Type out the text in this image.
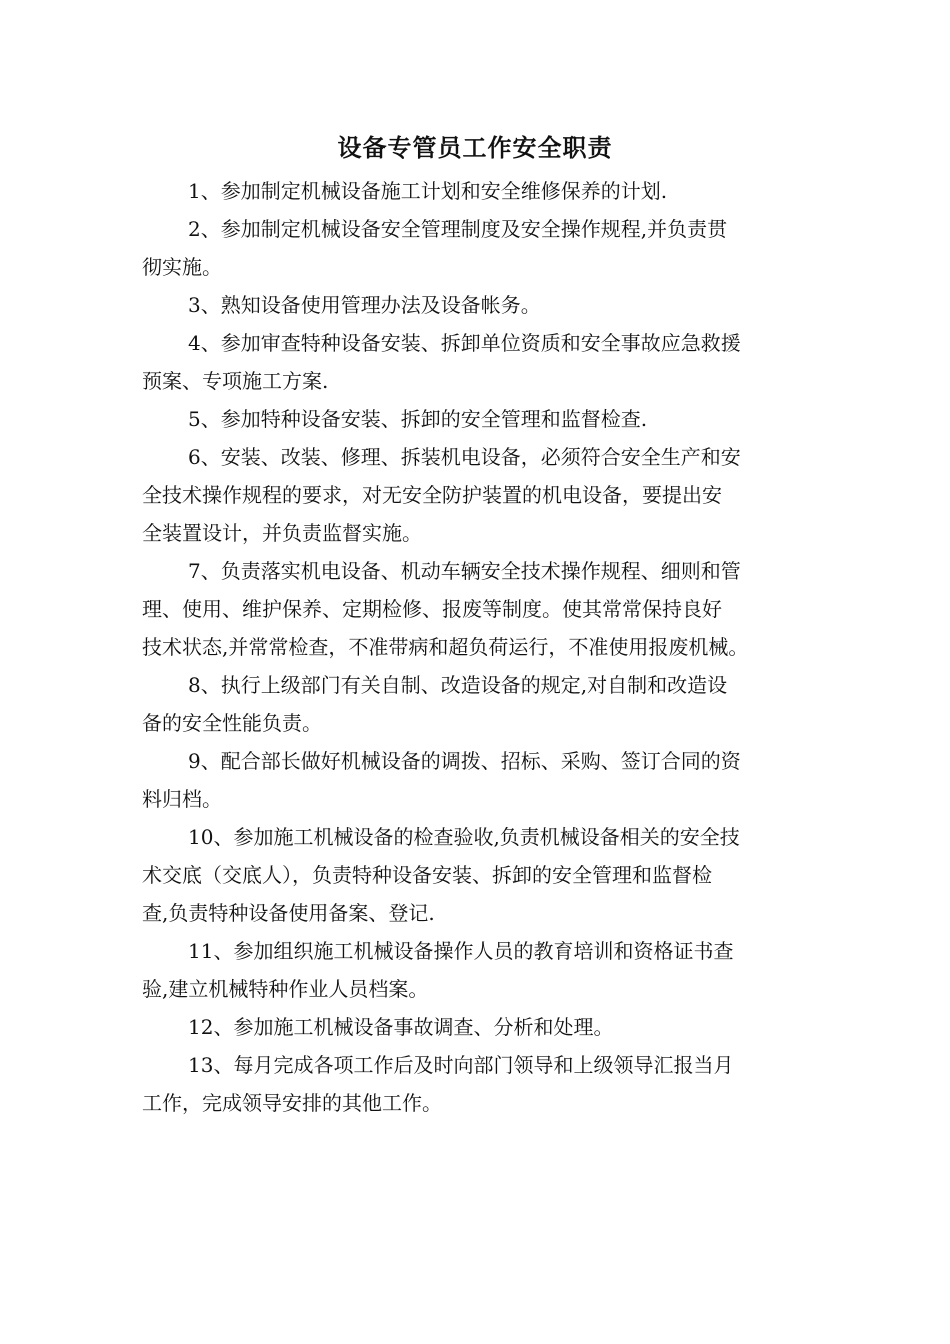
设备专管员工作安全职责

1、参加制定机械设备施工计划和安全维修保养的计划.

2、参加制定机械设备安全管理制度及安全操作规程,并负责贯
彻实施。

3、熟知设备使用管理办法及设备帐务。

4、参加审查特种设备安装、拆卸单位资质和安全事故应急救援
预案、专项施工方案.

5、参加特种设备安装、拆卸的安全管理和监督检查.

6、安装、改装、修理、拆装机电设备，必须符合安全生产和安
全技术操作规程的要求，对无安全防护装置的机电设备，要提出安
全装置设计，并负责监督实施。

7、负责落实机电设备、机动车辆安全技术操作规程、细则和管
理、使用、维护保养、定期检修、报废等制度。使其常常保持良好
技术状态,并常常检查，不准带病和超负荷运行，不准使用报废机械。

8、执行上级部门有关自制、改造设备的规定,对自制和改造设
备的安全性能负责。

9、配合部长做好机械设备的调拨、招标、采购、签订合同的资
料归档。

10、参加施工机械设备的检查验收,负责机械设备相关的安全技
术交底（交底人），负责特种设备安装、拆卸的安全管理和监督检
查,负责特种设备使用备案、登记.

11、参加组织施工机械设备操作人员的教育培训和资格证书查
验,建立机械特种作业人员档案。

12、参加施工机械设备事故调查、分析和处理。

13、每月完成各项工作后及时向部门领导和上级领导汇报当月
工作，完成领导安排的其他工作。
